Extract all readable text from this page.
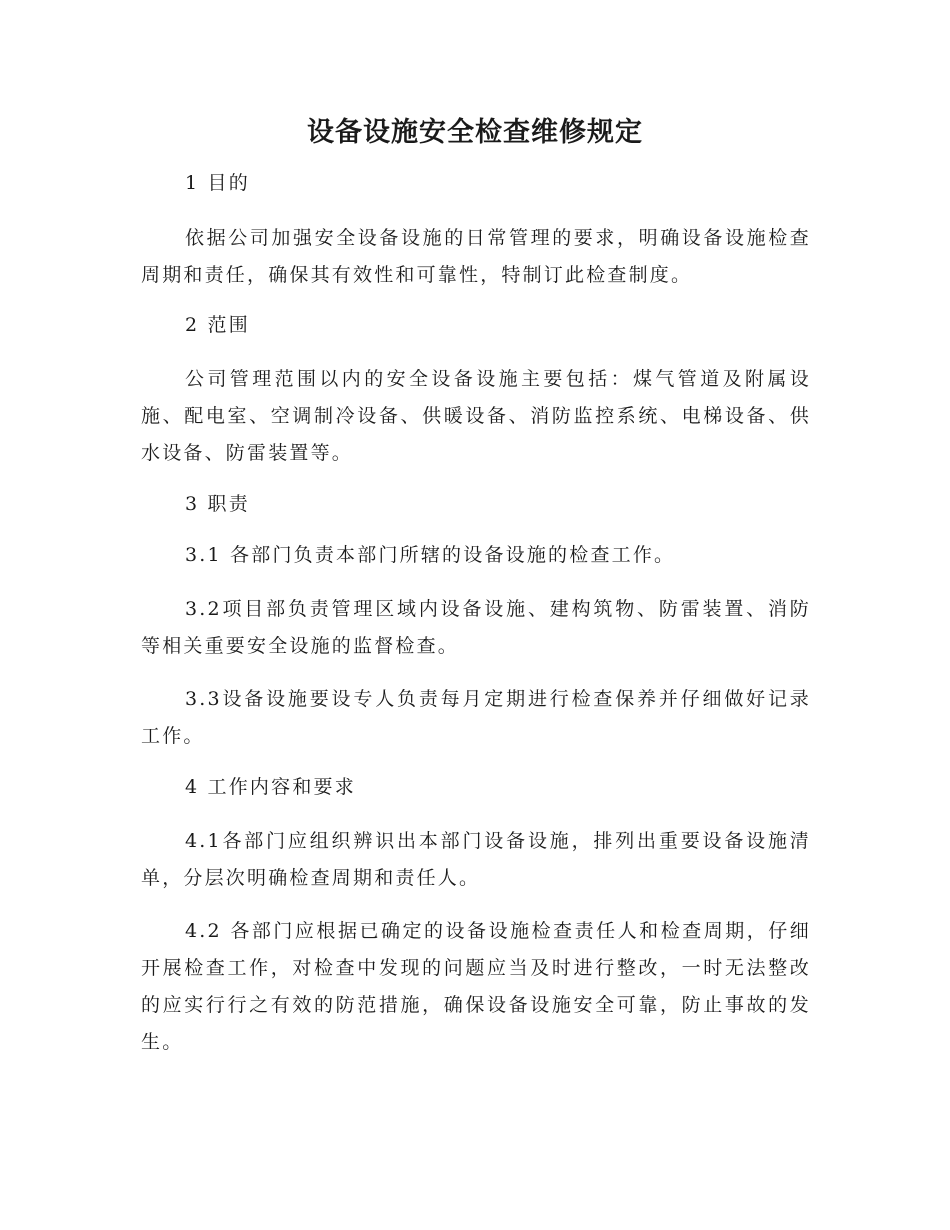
设备设施安全检查维修规定
1 目的
依据公司加强安全设备设施的日常管理的要求，明确设备设施检查周期和责任，确保其有效性和可靠性，特制订此检查制度。
2 范围
公司管理范围以内的安全设备设施主要包括：煤气管道及附属设施、配电室、空调制冷设备、供暖设备、消防监控系统、电梯设备、供水设备、防雷装置等。
3 职责
3.1 各部门负责本部门所辖的设备设施的检查工作。
3.2项目部负责管理区域内设备设施、建构筑物、防雷装置、消防等相关重要安全设施的监督检查。
3.3设备设施要设专人负责每月定期进行检查保养并仔细做好记录工作。
4 工作内容和要求
4.1各部门应组织辨识出本部门设备设施，排列出重要设备设施清单，分层次明确检查周期和责任人。
4.2 各部门应根据已确定的设备设施检查责任人和检查周期，仔细开展检查工作，对检查中发现的问题应当及时进行整改，一时无法整改的应实行行之有效的防范措施，确保设备设施安全可靠，防止事故的发生。
